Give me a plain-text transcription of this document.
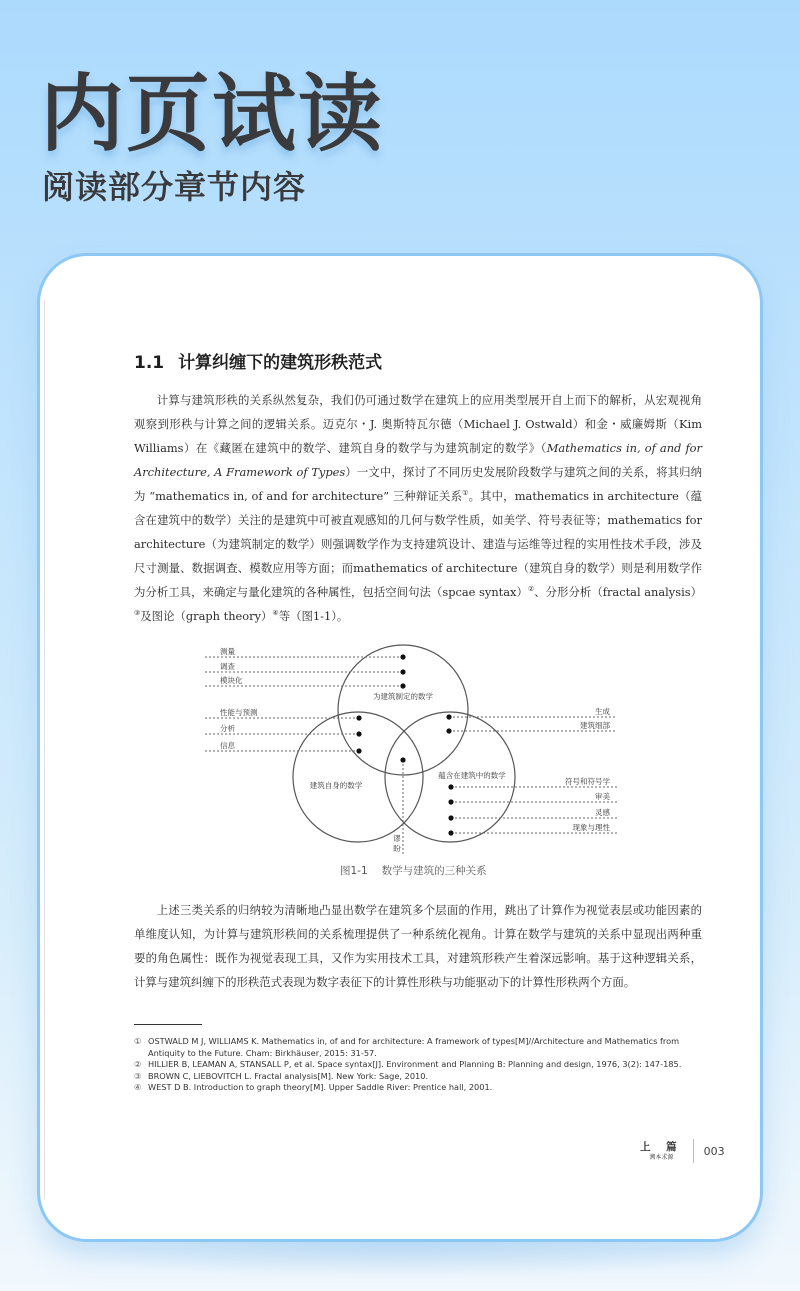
内页试读
阅读部分章节内容
1.1 计算纠缠下的建筑形秩范式
计算与建筑形秩的关系纵然复杂，我们仍可通过数学在建筑上的应用类型展开自上而下的解析，从宏观视角观察到形秩与计算之间的逻辑关系。迈克尔・J. 奥斯特瓦尔德（Michael J. Ostwald）和金・威廉姆斯（Kim Williams）在《藏匿在建筑中的数学、建筑自身的数学与为建筑制定的数学》（Mathematics in, of and for Architecture, A Framework of Types）一文中，探讨了不同历史发展阶段数学与建筑之间的关系，将其归纳为 “mathematics in, of and for architecture” 三种辩证关系①。其中，mathematics in architecture（蕴含在建筑中的数学）关注的是建筑中可被直观感知的几何与数学性质，如美学、符号表征等；mathematics for architecture（为建筑制定的数学）则强调数学作为支持建筑设计、建造与运维等过程的实用性技术手段，涉及尺寸测量、数据调查、模数应用等方面；而mathematics of architecture（建筑自身的数学）则是利用数学作为分析工具，来确定与量化建筑的各种属性，包括空间句法（spcae syntax）②、分形分析（fractal analysis）③及图论（graph theory）④等（图1-1）。
为建筑制定的数学
建筑自身的数学
蕴含在建筑中的数学
测量
调查
模块化
性能与预测
分析
信息
生成
建筑细部
符号和符号学
审美
灵感
现象与理性
谬
盼
图1-1 数学与建筑的三种关系
上述三类关系的归纳较为清晰地凸显出数学在建筑多个层面的作用，跳出了计算作为视觉表层或功能因素的单维度认知，为计算与建筑形秩间的关系梳理提供了一种系统化视角。计算在数学与建筑的关系中显现出两种重要的角色属性：既作为视觉表现工具，又作为实用技术工具，对建筑形秩产生着深远影响。基于这种逻辑关系，计算与建筑纠缠下的形秩范式表现为数字表征下的计算性形秩与功能驱动下的计算性形秩两个方面。
① OSTWALD M J, WILLIAMS K. Mathematics in, of and for architecture: A framework of types[M]//Architecture and Mathematics from Antiquity to the Future. Cham: Birkhäuser, 2015: 31-57.
② HILLIER B, LEAMAN A, STANSALL P, et al. Space syntax[J]. Environment and Planning B: Planning and design, 1976, 3(2): 147-185.
③ BROWN C, LIEBOVITCH L. Fractal analysis[M]. New York: Sage, 2010.
④ WEST D B. Introduction to graph theory[M]. Upper Saddle River: Prentice hall, 2001.
上 篇
溯本求源	003
